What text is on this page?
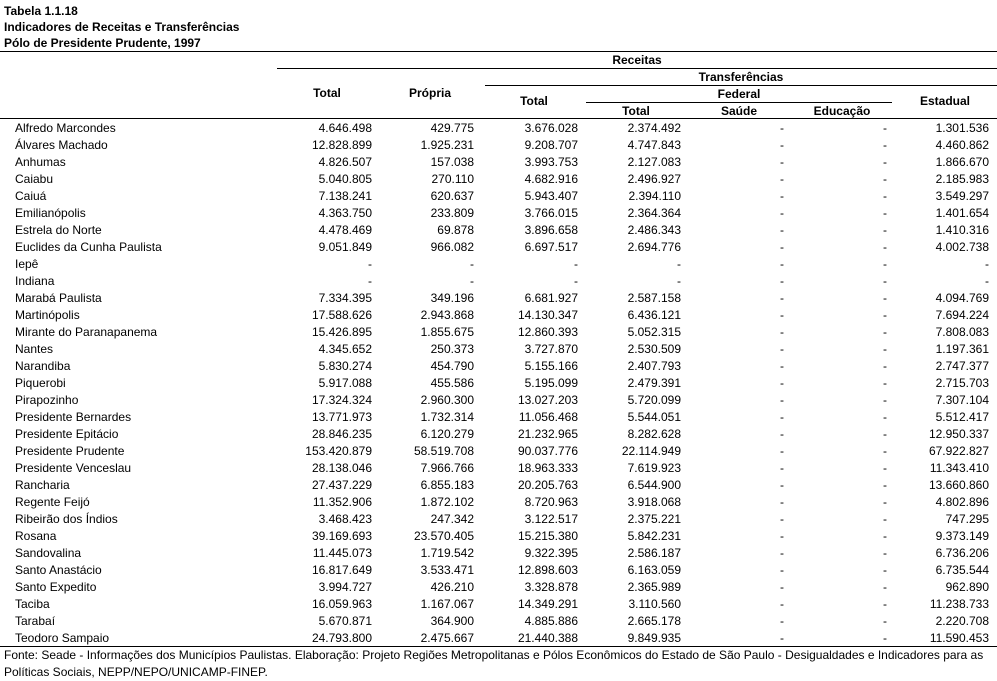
Tabela 1.1.18
Indicadores de Receitas e Transferências
Pólo de Presidente Prudente, 1997
Receitas
Transferências
Federal
Total	Própria
Total
Total	Saúde	Educação
Estadual
Alfredo Marcondes	4.646.498	429.775	3.676.028	2.374.492	-	-	1.301.536
Álvares Machado	12.828.899	1.925.231	9.208.707	4.747.843	-	-	4.460.862
Anhumas	4.826.507	157.038	3.993.753	2.127.083	-	-	1.866.670
Caiabu	5.040.805	270.110	4.682.916	2.496.927	-	-	2.185.983
Caiuá	7.138.241	620.637	5.943.407	2.394.110	-	-	3.549.297
Emilianópolis	4.363.750	233.809	3.766.015	2.364.364	-	-	1.401.654
Estrela do Norte	4.478.469	69.878	3.896.658	2.486.343	-	-	1.410.316
Euclides da Cunha Paulista	9.051.849	966.082	6.697.517	2.694.776	-	-	4.002.738
Iepê	-	-	-	-	-	-	-
Indiana	-	-	-	-	-	-	-
Marabá Paulista	7.334.395	349.196	6.681.927	2.587.158	-	-	4.094.769
Martinópolis	17.588.626	2.943.868	14.130.347	6.436.121	-	-	7.694.224
Mirante do Paranapanema	15.426.895	1.855.675	12.860.393	5.052.315	-	-	7.808.083
Nantes	4.345.652	250.373	3.727.870	2.530.509	-	-	1.197.361
Narandiba	5.830.274	454.790	5.155.166	2.407.793	-	-	2.747.377
Piquerobi	5.917.088	455.586	5.195.099	2.479.391	-	-	2.715.703
Pirapozinho	17.324.324	2.960.300	13.027.203	5.720.099	-	-	7.307.104
Presidente Bernardes	13.771.973	1.732.314	11.056.468	5.544.051	-	-	5.512.417
Presidente Epitácio	28.846.235	6.120.279	21.232.965	8.282.628	-	-	12.950.337
Presidente Prudente	153.420.879	58.519.708	90.037.776	22.114.949	-	-	67.922.827
Presidente Venceslau	28.138.046	7.966.766	18.963.333	7.619.923	-	-	11.343.410
Rancharia	27.437.229	6.855.183	20.205.763	6.544.900	-	-	13.660.860
Regente Feijó	11.352.906	1.872.102	8.720.963	3.918.068	-	-	4.802.896
Ribeirão dos Índios	3.468.423	247.342	3.122.517	2.375.221	-	-	747.295
Rosana	39.169.693	23.570.405	15.215.380	5.842.231	-	-	9.373.149
Sandovalina	11.445.073	1.719.542	9.322.395	2.586.187	-	-	6.736.206
Santo Anastácio	16.817.649	3.533.471	12.898.603	6.163.059	-	-	6.735.544
Santo Expedito	3.994.727	426.210	3.328.878	2.365.989	-	-	962.890
Taciba	16.059.963	1.167.067	14.349.291	3.110.560	-	-	11.238.733
Tarabaí	5.670.871	364.900	4.885.886	2.665.178	-	-	2.220.708
Teodoro Sampaio	24.793.800	2.475.667	21.440.388	9.849.935	-	-	11.590.453
Fonte: Seade - Informações dos Municípios Paulistas. Elaboração: Projeto Regiões Metropolitanas e Pólos Econômicos do Estado de São Paulo - Desigualdades e Indicadores para as Políticas Sociais, NEPP/NEPO/UNICAMP-FINEP.
